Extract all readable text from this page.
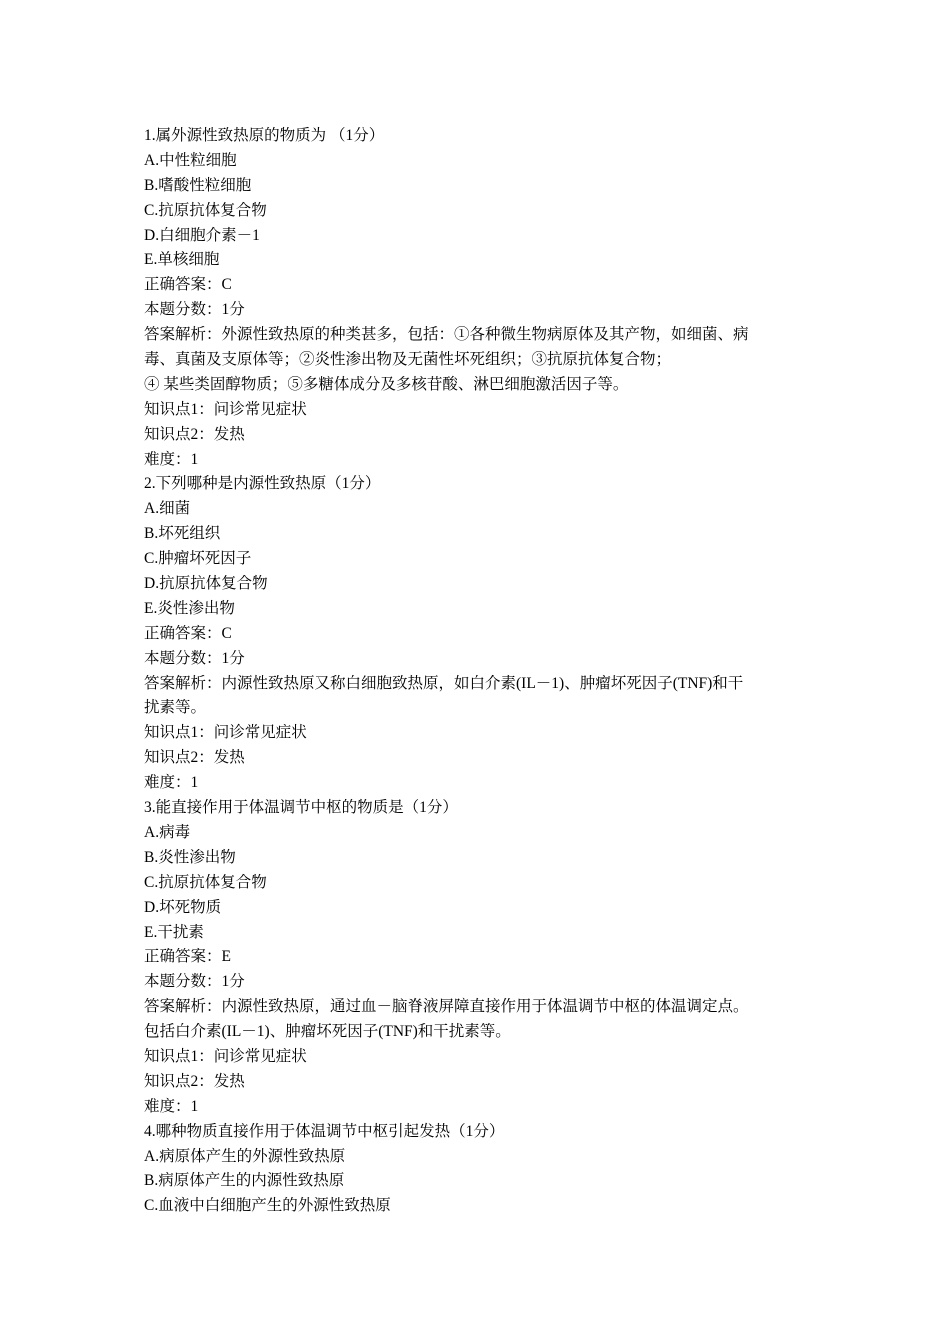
1.属外源性致热原的物质为 （1分）
A.中性粒细胞
B.嗜酸性粒细胞
C.抗原抗体复合物
D.白细胞介素－1
E.单核细胞
正确答案：C
本题分数：1分
答案解析：外源性致热原的种类甚多，包括：①各种微生物病原体及其产物，如细菌、病
毒、真菌及支原体等；②炎性渗出物及无菌性坏死组织；③抗原抗体复合物；
④ 某些类固醇物质；⑤多糖体成分及多核苷酸、淋巴细胞激活因子等。
知识点1：问诊常见症状
知识点2：发热
难度：1
2.下列哪种是内源性致热原（1分）
A.细菌
B.坏死组织
C.肿瘤坏死因子
D.抗原抗体复合物
E.炎性渗出物
正确答案：C
本题分数：1分
答案解析：内源性致热原又称白细胞致热原，如白介素(IL－1)、肿瘤坏死因子(TNF)和干
扰素等。
知识点1：问诊常见症状
知识点2：发热
难度：1
3.能直接作用于体温调节中枢的物质是（1分）
A.病毒
B.炎性渗出物
C.抗原抗体复合物
D.坏死物质
E.干扰素
正确答案：E
本题分数：1分
答案解析：内源性致热原，通过血－脑脊液屏障直接作用于体温调节中枢的体温调定点。
包括白介素(IL－1)、肿瘤坏死因子(TNF)和干扰素等。
知识点1：问诊常见症状
知识点2：发热
难度：1
4.哪种物质直接作用于体温调节中枢引起发热（1分）
A.病原体产生的外源性致热原
B.病原体产生的内源性致热原
C.血液中白细胞产生的外源性致热原
